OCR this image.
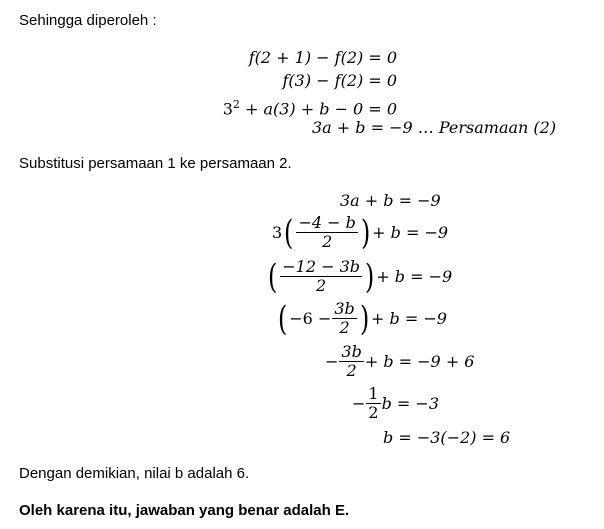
Sehingga diperoleh :
f(2 + 1) − f(2) = 0
f(3) − f(2) = 0
$3^2 + a(3) + b - 0 = 0$
3a + b = −9 … Persamaan (2)
Substitusi persamaan 1 ke persamaan 2.
3a + b = −9
3 ( $\frac{-4 - b}{2}$ ) + b = −9
( $\frac{-12 - 3b}{2}$ ) + b = −9
( $-6 - \frac{3b}{2}$ ) + b = −9
− $\frac{3b}{2} + b = -9 + 6$
− $\frac{1}{2}$ b = −3
b = −3(−2) = 6
Dengan demikian, nilai b adalah 6.
Oleh karena itu, jawaban yang benar adalah E.
